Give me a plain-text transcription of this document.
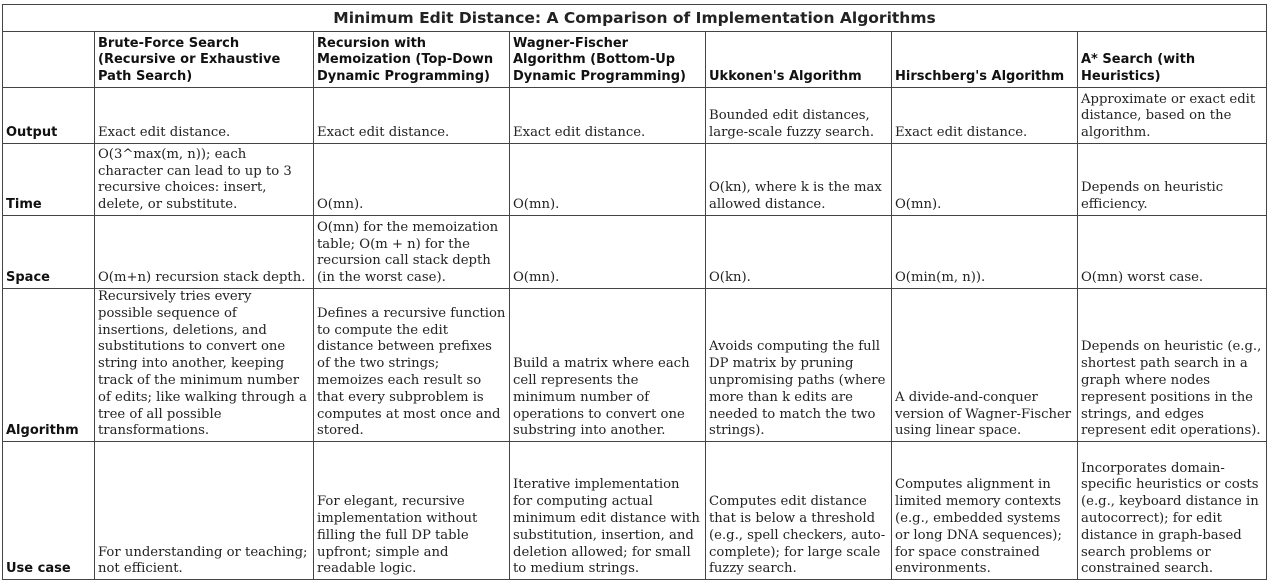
Minimum Edit Distance: A Comparison of Implementation Algorithms						
	Brute-Force Search (Recursive or Exhaustive Path Search)	Recursion with Memoization (Top-Down Dynamic Programming)	Wagner-Fischer Algorithm (Bottom-Up Dynamic Programming)	Ukkonen's Algorithm	Hirschberg's Algorithm	A* Search (with Heuristics)
Output	Exact edit distance.	Exact edit distance.	Exact edit distance.	Bounded edit distances, large-scale fuzzy search.	Exact edit distance.	Approximate or exact edit distance, based on the algorithm.
Time	O(3^max(m, n)); each character can lead to up to 3 recursive choices: insert, delete, or substitute.	O(mn).	O(mn).	O(kn), where k is the max allowed distance.	O(mn).	Depends on heuristic efficiency.
Space	O(m+n) recursion stack depth.	O(mn) for the memoization table; O(m + n) for the recursion call stack depth (in the worst case).	O(mn).	O(kn).	O(min(m, n)).	O(mn) worst case.
Algorithm	Recursively tries every possible sequence of insertions, deletions, and substitutions to convert one string into another, keeping track of the minimum number of edits; like walking through a tree of all possible transformations.	Defines a recursive function to compute the edit distance between prefixes of the two strings; memoizes each result so that every subproblem is computes at most once and stored.	Build a matrix where each cell represents the minimum number of operations to convert one substring into another.	Avoids computing the full DP matrix by pruning unpromising paths (where more than k edits are needed to match the two strings).	A divide-and-conquer version of Wagner-Fischer using linear space.	Depends on heuristic (e.g., shortest path search in a graph where nodes represent positions in the strings, and edges represent edit operations).
Use case	For understanding or teaching; not efficient.	For elegant, recursive implementation without filling the full DP table upfront; simple and readable logic.	Iterative implementation for computing actual minimum edit distance with substitution, insertion, and deletion allowed; for small to medium strings.	Computes edit distance that is below a threshold (e.g., spell checkers, auto-complete); for large scale fuzzy search.	Computes alignment in limited memory contexts (e.g., embedded systems or long DNA sequences); for space constrained environments.	Incorporates domain-specific heuristics or costs (e.g., keyboard distance in autocorrect); for edit distance in graph-based search problems or constrained search.
